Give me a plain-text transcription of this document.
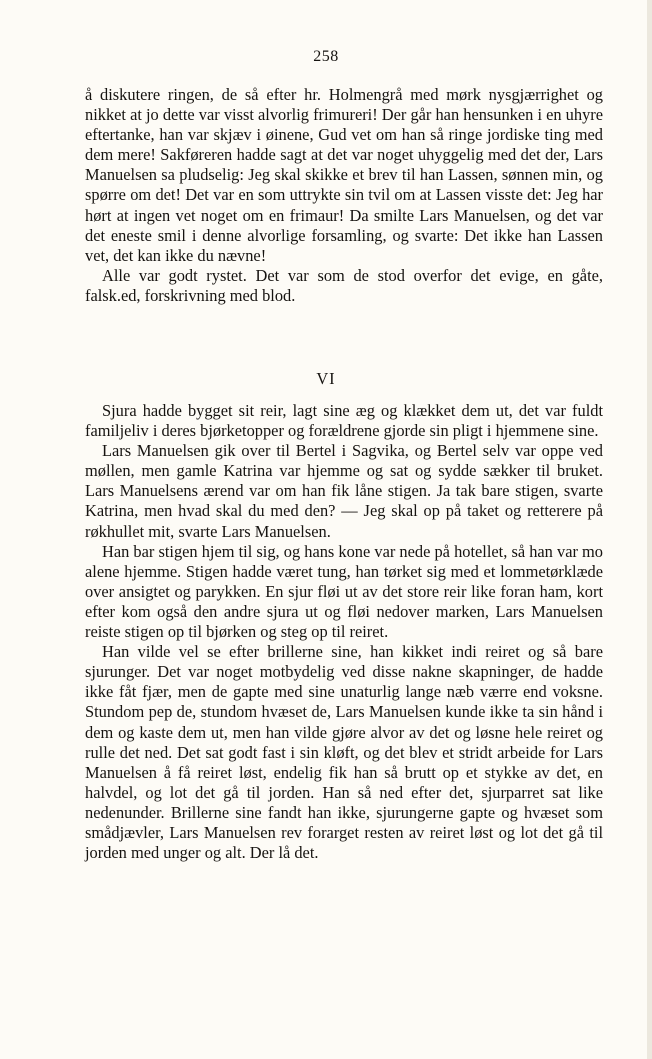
258

å diskutere ringen, de så efter hr. Holmengrå med mørk nysgjærrighet og nikket at jo dette var visst alvorlig frimureri! Der går han hensunken i en uhyre eftertanke, han var skjæv i øinene, Gud vet om han så ringe jordiske ting med dem mere! Sakføreren hadde sagt at det var noget uhyggelig med det der, Lars Manuelsen sa pludselig: Jeg skal skikke et brev til han Lassen, sønnen min, og spørre om det! Det var en som uttrykte sin tvil om at Lassen visste det: Jeg har hørt at ingen vet noget om en frimaur! Da smilte Lars Manuelsen, og det var det eneste smil i denne alvorlige forsamling, og svarte: Det ikke han Lassen vet, det kan ikke du nævne!

Alle var godt rystet. Det var som de stod overfor det evige, en gåte, falsk.ed, forskrivning med blod.

VI

Sjura hadde bygget sit reir, lagt sine æg og klækket dem ut, det var fuldt familjeliv i deres bjørketopper og forældrene gjorde sin pligt i hjemmene sine.

Lars Manuelsen gik over til Bertel i Sagvika, og Bertel selv var oppe ved møllen, men gamle Katrina var hjemme og sat og sydde sækker til bruket. Lars Manuelsens ærend var om han fik låne stigen. Ja tak bare stigen, svarte Katrina, men hvad skal du med den? — Jeg skal op på taket og retterere på røkhullet mit, svarte Lars Manuelsen.

Han bar stigen hjem til sig, og hans kone var nede på hotellet, så han var mo alene hjemme. Stigen hadde været tung, han tørket sig med et lommetørklæde over ansigtet og parykken. En sjur fløi ut av det store reir like foran ham, kort efter kom også den andre sjura ut og fløi nedover marken, Lars Manuelsen reiste stigen op til bjørken og steg op til reiret.

Han vilde vel se efter brillerne sine, han kikket indi reiret og så bare sjurunger. Det var noget motbydelig ved disse nakne skapninger, de hadde ikke fåt fjær, men de gapte med sine unaturlig lange næb værre end voksne. Stundom pep de, stundom hvæset de, Lars Manuelsen kunde ikke ta sin hånd i dem og kaste dem ut, men han vilde gjøre alvor av det og løsne hele reiret og rulle det ned. Det sat godt fast i sin kløft, og det blev et stridt arbeide for Lars Manuelsen å få reiret løst, endelig fik han så brutt op et stykke av det, en halvdel, og lot det gå til jorden. Han så ned efter det, sjurparret sat like nedenunder. Brillerne sine fandt han ikke, sjurungerne gapte og hvæset som smådjævler, Lars Manuelsen rev forarget resten av reiret løst og lot det gå til jorden med unger og alt. Der lå det.
